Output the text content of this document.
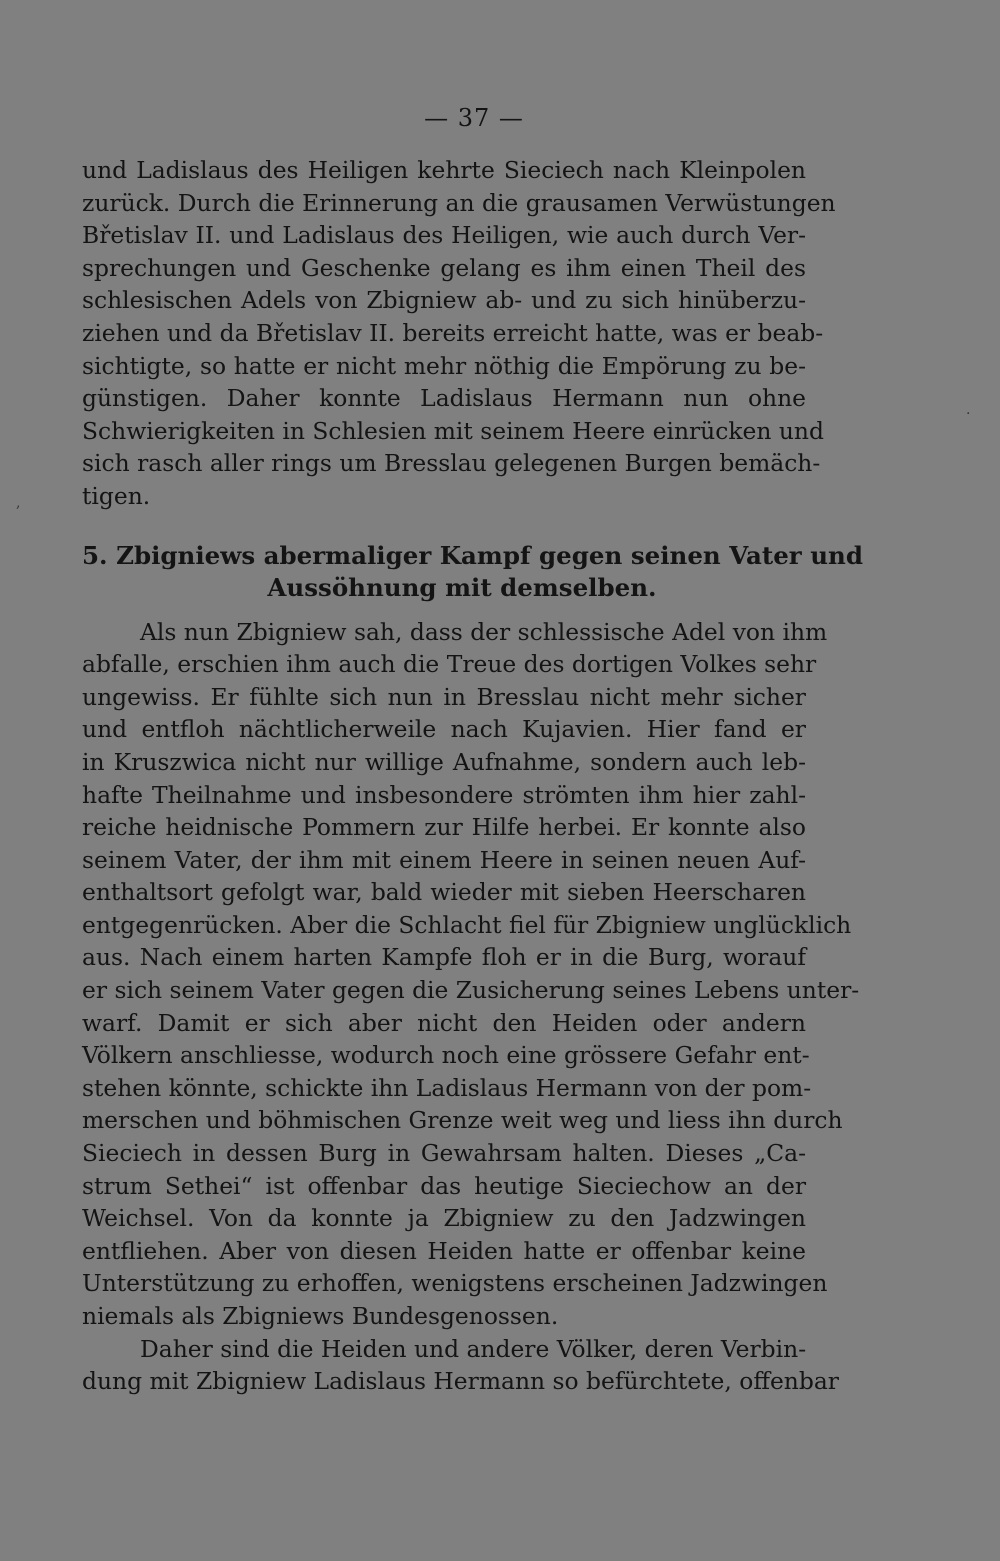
— 37 —

und Ladislaus des Heiligen kehrte Sieciech nach Kleinpolen
zurück. Durch die Erinnerung an die grausamen Verwüstungen
Břetislav II. und Ladislaus des Heiligen, wie auch durch Ver-
sprechungen und Geschenke gelang es ihm einen Theil des
schlesischen Adels von Zbigniew ab- und zu sich hinüberzu-
ziehen und da Břetislav II. bereits erreicht hatte, was er beab-
sichtigte, so hatte er nicht mehr nöthig die Empörung zu be-
günstigen. Daher konnte Ladislaus Hermann nun ohne
Schwierigkeiten in Schlesien mit seinem Heere einrücken und
sich rasch aller rings um Bresslau gelegenen Burgen bemäch-
tigen.

5. Zbigniews abermaliger Kampf gegen seinen Vater und
Aussöhnung mit demselben.

Als nun Zbigniew sah, dass der schlessische Adel von ihm
abfalle, erschien ihm auch die Treue des dortigen Volkes sehr
ungewiss. Er fühlte sich nun in Bresslau nicht mehr sicher
und entfloh nächtlicherweile nach Kujavien. Hier fand er
in Kruszwica nicht nur willige Aufnahme, sondern auch leb-
hafte Theilnahme und insbesondere strömten ihm hier zahl-
reiche heidnische Pommern zur Hilfe herbei. Er konnte also
seinem Vater, der ihm mit einem Heere in seinen neuen Auf-
enthaltsort gefolgt war, bald wieder mit sieben Heerscharen
entgegenrücken. Aber die Schlacht fiel für Zbigniew unglücklich
aus. Nach einem harten Kampfe floh er in die Burg, worauf
er sich seinem Vater gegen die Zusicherung seines Lebens unter-
warf. Damit er sich aber nicht den Heiden oder andern
Völkern anschliesse, wodurch noch eine grössere Gefahr ent-
stehen könnte, schickte ihn Ladislaus Hermann von der pom-
merschen und böhmischen Grenze weit weg und liess ihn durch
Sieciech in dessen Burg in Gewahrsam halten. Dieses „Ca-
strum Sethei“ ist offenbar das heutige Sieciechow an der
Weichsel. Von da konnte ja Zbigniew zu den Jadzwingen
entfliehen. Aber von diesen Heiden hatte er offenbar keine
Unterstützung zu erhoffen, wenigstens erscheinen Jadzwingen
niemals als Zbigniews Bundesgenossen.

Daher sind die Heiden und andere Völker, deren Verbin-
dung mit Zbigniew Ladislaus Hermann so befürchtete, offenbar

.
,
